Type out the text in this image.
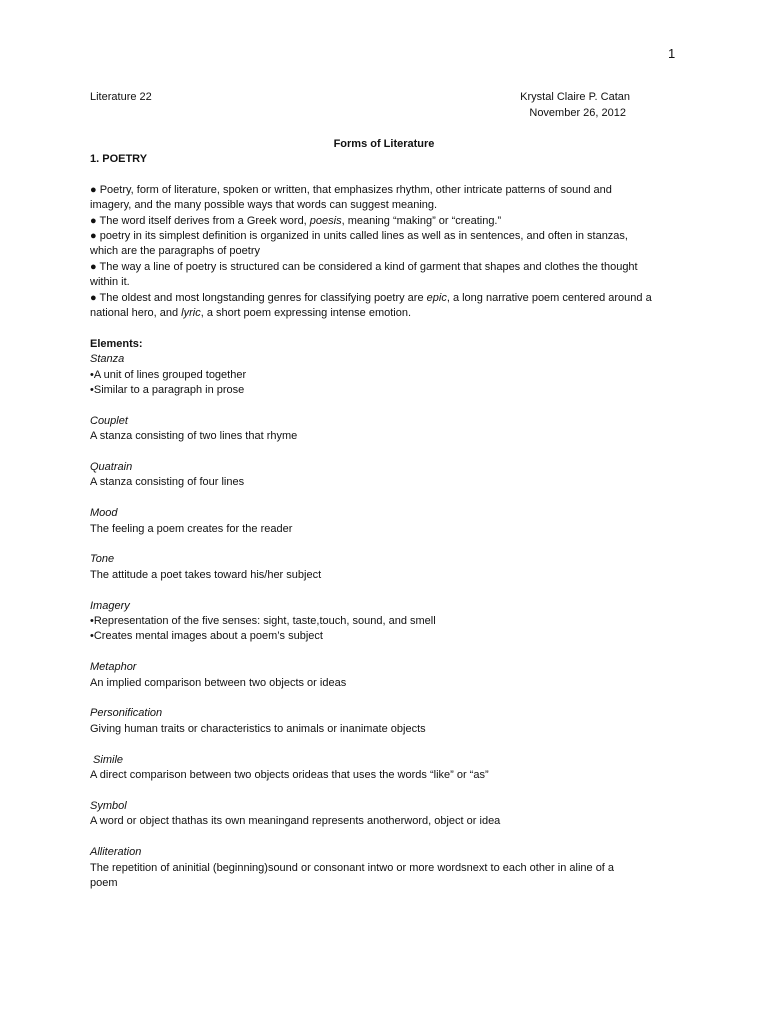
1
Literature 22	Krystal Claire P. Catan
November 26, 2012
Forms of Literature
1. POETRY
● Poetry, form of literature, spoken or written, that emphasizes rhythm, other intricate patterns of sound and
imagery, and the many possible ways that words can suggest meaning.
● The word itself derives from a Greek word, poesis, meaning “making” or “creating.”
● poetry in its simplest definition is organized in units called lines as well as in sentences, and often in stanzas,
which are the paragraphs of poetry
● The way a line of poetry is structured can be considered a kind of garment that shapes and clothes the thought
within it.
● The oldest and most longstanding genres for classifying poetry are epic, a long narrative poem centered around a
national hero, and lyric, a short poem expressing intense emotion.
Elements:
Stanza
•A unit of lines grouped together
•Similar to a paragraph in prose
Couplet
A stanza consisting of two lines that rhyme
Quatrain
A stanza consisting of four lines
Mood
The feeling a poem creates for the reader
Tone
The attitude a poet takes toward his/her subject
Imagery
•Representation of the five senses: sight, taste,touch, sound, and smell
•Creates mental images about a poem’s subject
Metaphor
An implied comparison between two objects or ideas
Personification
Giving human traits or characteristics to animals or inanimate objects
Simile
A direct comparison between two objects orideas that uses the words “like” or “as”
Symbol
A word or object thathas its own meaningand represents anotherword, object or idea
Alliteration
The repetition of aninitial (beginning)sound or consonant intwo or more wordsnext to each other in aline of a
poem
